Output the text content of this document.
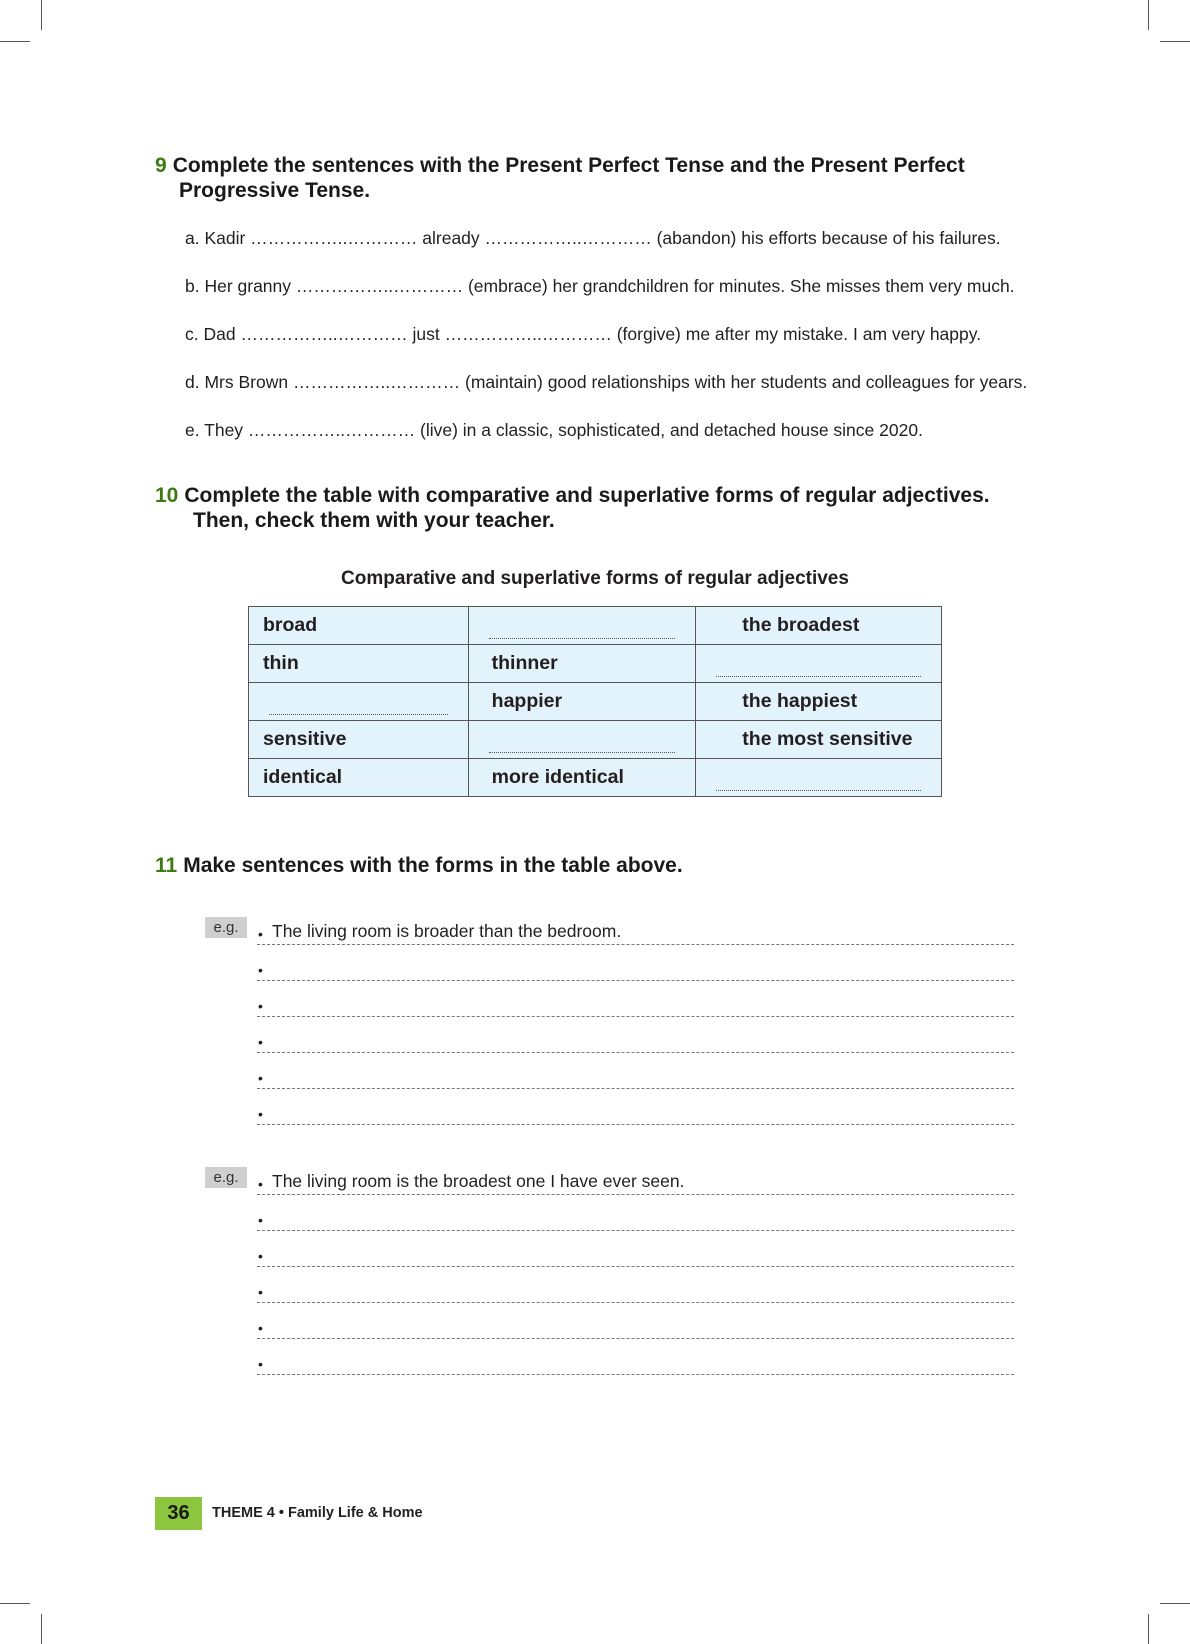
9 Complete the sentences with the Present Perfect Tense and the Present Perfect
Progressive Tense.
a. Kadir ……………..………… already ……………..………… (abandon) his efforts because of his failures.
b. Her granny ……………..………… (embrace) her grandchildren for minutes. She misses them very much.
c. Dad ……………..………… just ……………..………… (forgive) me after my mistake. I am very happy.
d. Mrs Brown ……………..………… (maintain) good relationships with her students and colleagues for years.
e. They ……………..………… (live) in a classic, sophisticated, and detached house since 2020.
10 Complete the table with comparative and superlative forms of regular adjectives.
Then, check them with your teacher.
Comparative and superlative forms of regular adjectives
broad		the broadest
thin	thinner	

	happier	the happiest
sensitive		the most sensitive
identical	more identical	
11 Make sentences with the forms in the table above.
e.g.	• The living room is broader than the bedroom.
•
•
•
•
•
e.g.	• The living room is the broadest one I have ever seen.
•
•
•
•
•
36	THEME 4 • Family Life & Home
